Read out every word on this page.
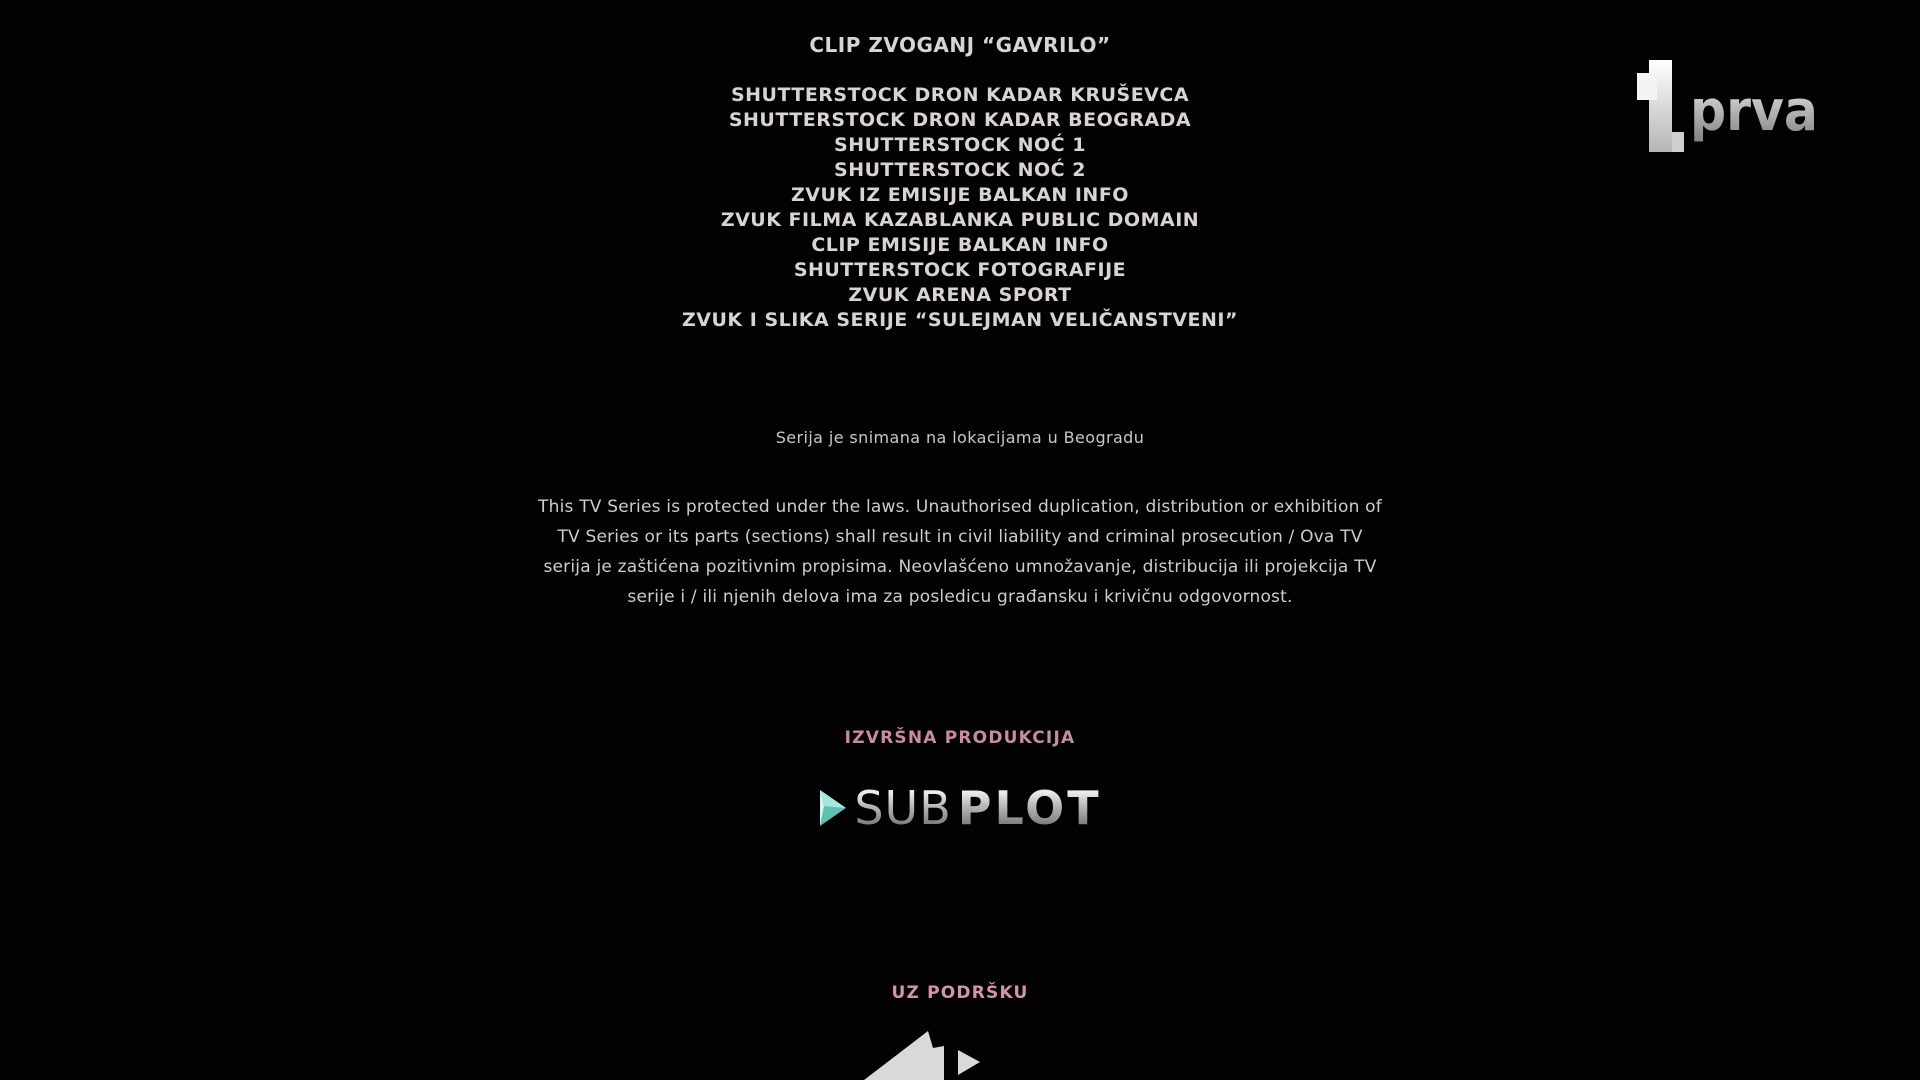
CLIP ZVOGANJ “GAVRILO”
SHUTTERSTOCK DRON KADAR KRUŠEVCA
SHUTTERSTOCK DRON KADAR BEOGRADA
SHUTTERSTOCK NOĆ 1
SHUTTERSTOCK NOĆ 2
ZVUK IZ EMISIJE BALKAN INFO
ZVUK FILMA KAZABLANKA PUBLIC DOMAIN
CLIP EMISIJE BALKAN INFO
SHUTTERSTOCK FOTOGRAFIJE
ZVUK ARENA SPORT
ZVUK I SLIKA SERIJE “SULEJMAN VELIČANSTVENI”
Serija je snimana na lokacijama u Beogradu
This TV Series is protected under the laws. Unauthorised duplication, distribution or exhibition of
TV Series or its parts (sections) shall result in civil liability and criminal prosecution / Ova TV
serija je zaštićena pozitivnim propisima. Neovlašćeno umnožavanje, distribucija ili projekcija TV
serije i / ili njenih delova ima za posledicu građansku i krivičnu odgovornost.
IZVRŠNA PRODUKCIJA
SUB PLOT
UZ PODRŠKU
prva
